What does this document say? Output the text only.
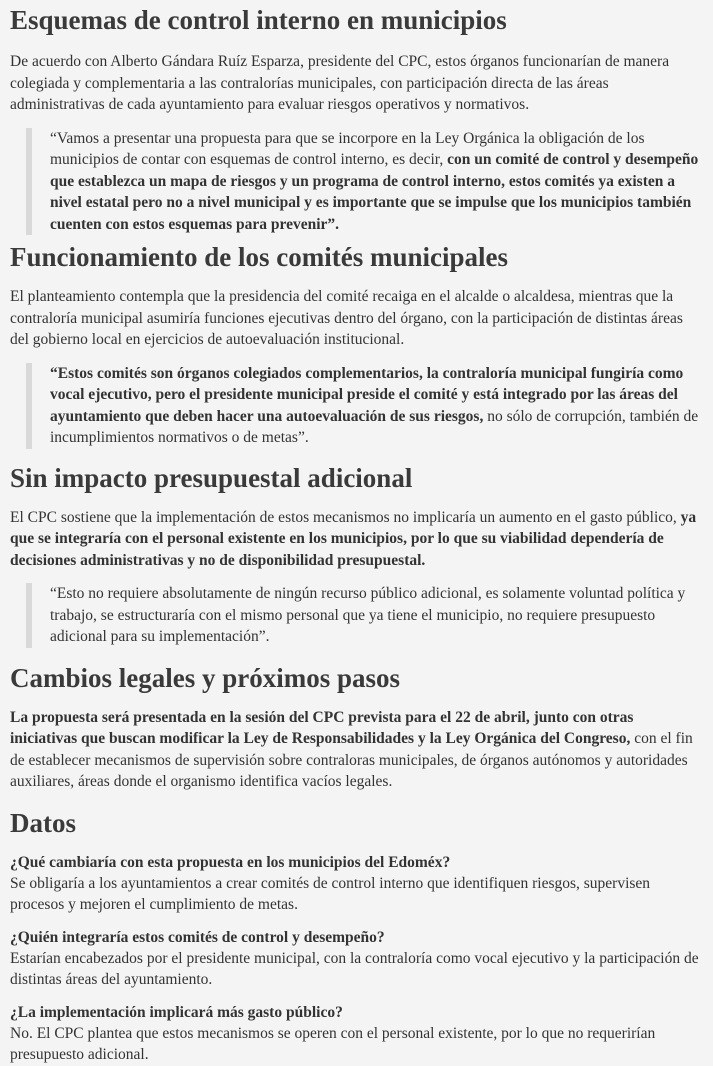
Esquemas de control interno en municipios

De acuerdo con Alberto Gándara Ruíz Esparza, presidente del CPC, estos órganos funcionarían de manera colegiada y complementaria a las contralorías municipales, con participación directa de las áreas administrativas de cada ayuntamiento para evaluar riesgos operativos y normativos.

“Vamos a presentar una propuesta para que se incorpore en la Ley Orgánica la obligación de los municipios de contar con esquemas de control interno, es decir, con un comité de control y desempeño que establezca un mapa de riesgos y un programa de control interno, estos comités ya existen a nivel estatal pero no a nivel municipal y es importante que se impulse que los municipios también cuenten con estos esquemas para prevenir”.

Funcionamiento de los comités municipales

El planteamiento contempla que la presidencia del comité recaiga en el alcalde o alcaldesa, mientras que la contraloría municipal asumiría funciones ejecutivas dentro del órgano, con la participación de distintas áreas del gobierno local en ejercicios de autoevaluación institucional.

“Estos comités son órganos colegiados complementarios, la contraloría municipal fungiría como vocal ejecutivo, pero el presidente municipal preside el comité y está integrado por las áreas del ayuntamiento que deben hacer una autoevaluación de sus riesgos, no sólo de corrupción, también de incumplimientos normativos o de metas”.

Sin impacto presupuestal adicional

El CPC sostiene que la implementación de estos mecanismos no implicaría un aumento en el gasto público, ya que se integraría con el personal existente en los municipios, por lo que su viabilidad dependería de decisiones administrativas y no de disponibilidad presupuestal.

“Esto no requiere absolutamente de ningún recurso público adicional, es solamente voluntad política y trabajo, se estructuraría con el mismo personal que ya tiene el municipio, no requiere presupuesto adicional para su implementación”.

Cambios legales y próximos pasos

La propuesta será presentada en la sesión del CPC prevista para el 22 de abril, junto con otras iniciativas que buscan modificar la Ley de Responsabilidades y la Ley Orgánica del Congreso, con el fin de establecer mecanismos de supervisión sobre contraloras municipales, de órganos autónomos y autoridades auxiliares, áreas donde el organismo identifica vacíos legales.

Datos
¿Qué cambiaría con esta propuesta en los municipios del Edoméx?

Se obligaría a los ayuntamientos a crear comités de control interno que identifiquen riesgos, supervisen procesos y mejoren el cumplimiento de metas.

¿Quién integraría estos comités de control y desempeño?

Estarían encabezados por el presidente municipal, con la contraloría como vocal ejecutivo y la participación de distintas áreas del ayuntamiento.

¿La implementación implicará más gasto público?

No. El CPC plantea que estos mecanismos se operen con el personal existente, por lo que no requerirían presupuesto adicional.
